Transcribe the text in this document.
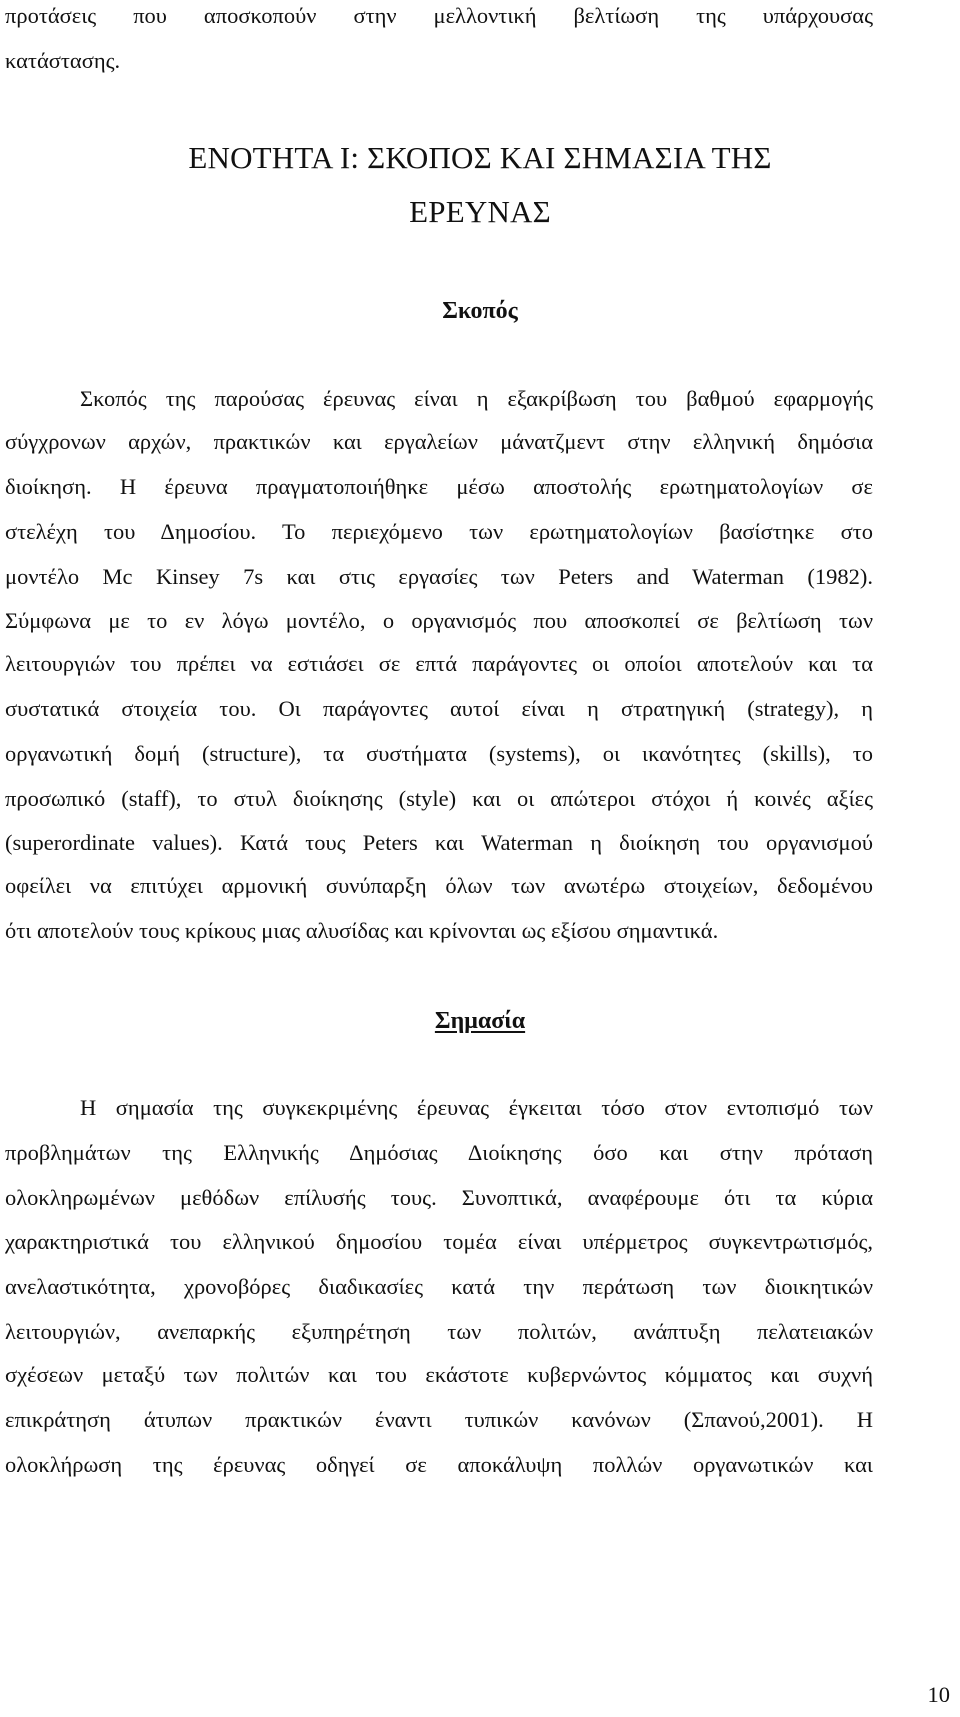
προτάσεις που αποσκοπούν στην μελλοντική βελτίωση της υπάρχουσας
κατάστασης.
ΕΝΟΤΗΤΑ Ι: ΣΚΟΠΟΣ ΚΑΙ ΣΗΜΑΣΙΑ ΤΗΣ
ΕΡΕΥΝΑΣ
Σκοπός
Σκοπός της παρούσας έρευνας είναι η εξακρίβωση του βαθμού εφαρμογής
σύγχρονων αρχών, πρακτικών και εργαλείων μάνατζμεντ στην ελληνική δημόσια
διοίκηση. Η έρευνα πραγματοποιήθηκε μέσω αποστολής ερωτηματολογίων σε
στελέχη του Δημοσίου. Το περιεχόμενο των ερωτηματολογίων βασίστηκε στο
μοντέλο Mc Kinsey 7s και στις εργασίες των Peters and Waterman (1982).
Σύμφωνα με το εν λόγω μοντέλο, ο οργανισμός που αποσκοπεί σε βελτίωση των
λειτουργιών του πρέπει να εστιάσει σε επτά παράγοντες οι οποίοι αποτελούν και τα
συστατικά στοιχεία του. Οι παράγοντες αυτοί είναι η στρατηγική (strategy), η
οργανωτική δομή (structure), τα συστήματα (systems), οι ικανότητες (skills), το
προσωπικό (staff), το στυλ διοίκησης (style) και οι απώτεροι στόχοι ή κοινές αξίες
(superordinate values). Κατά τους Peters και Waterman η διοίκηση του οργανισμού
οφείλει να επιτύχει αρμονική συνύπαρξη όλων των ανωτέρω στοιχείων, δεδομένου
ότι αποτελούν τους κρίκους μιας αλυσίδας και κρίνονται ως εξίσου σημαντικά.
Σημασία
Η σημασία της συγκεκριμένης έρευνας έγκειται τόσο στον εντοπισμό των
προβλημάτων της Ελληνικής Δημόσιας Διοίκησης όσο και στην πρόταση
ολοκληρωμένων μεθόδων επίλυσής τους. Συνοπτικά, αναφέρουμε ότι τα κύρια
χαρακτηριστικά του ελληνικού δημοσίου τομέα είναι υπέρμετρος συγκεντρωτισμός,
ανελαστικότητα, χρονοβόρες διαδικασίες κατά την περάτωση των διοικητικών
λειτουργιών, ανεπαρκής εξυπηρέτηση των πολιτών, ανάπτυξη πελατειακών
σχέσεων μεταξύ των πολιτών και του εκάστοτε κυβερνώντος κόμματος και συχνή
επικράτηση άτυπων πρακτικών έναντι τυπικών κανόνων (Σπανού,2001). Η
ολοκλήρωση της έρευνας οδηγεί σε αποκάλυψη πολλών οργανωτικών και
10
